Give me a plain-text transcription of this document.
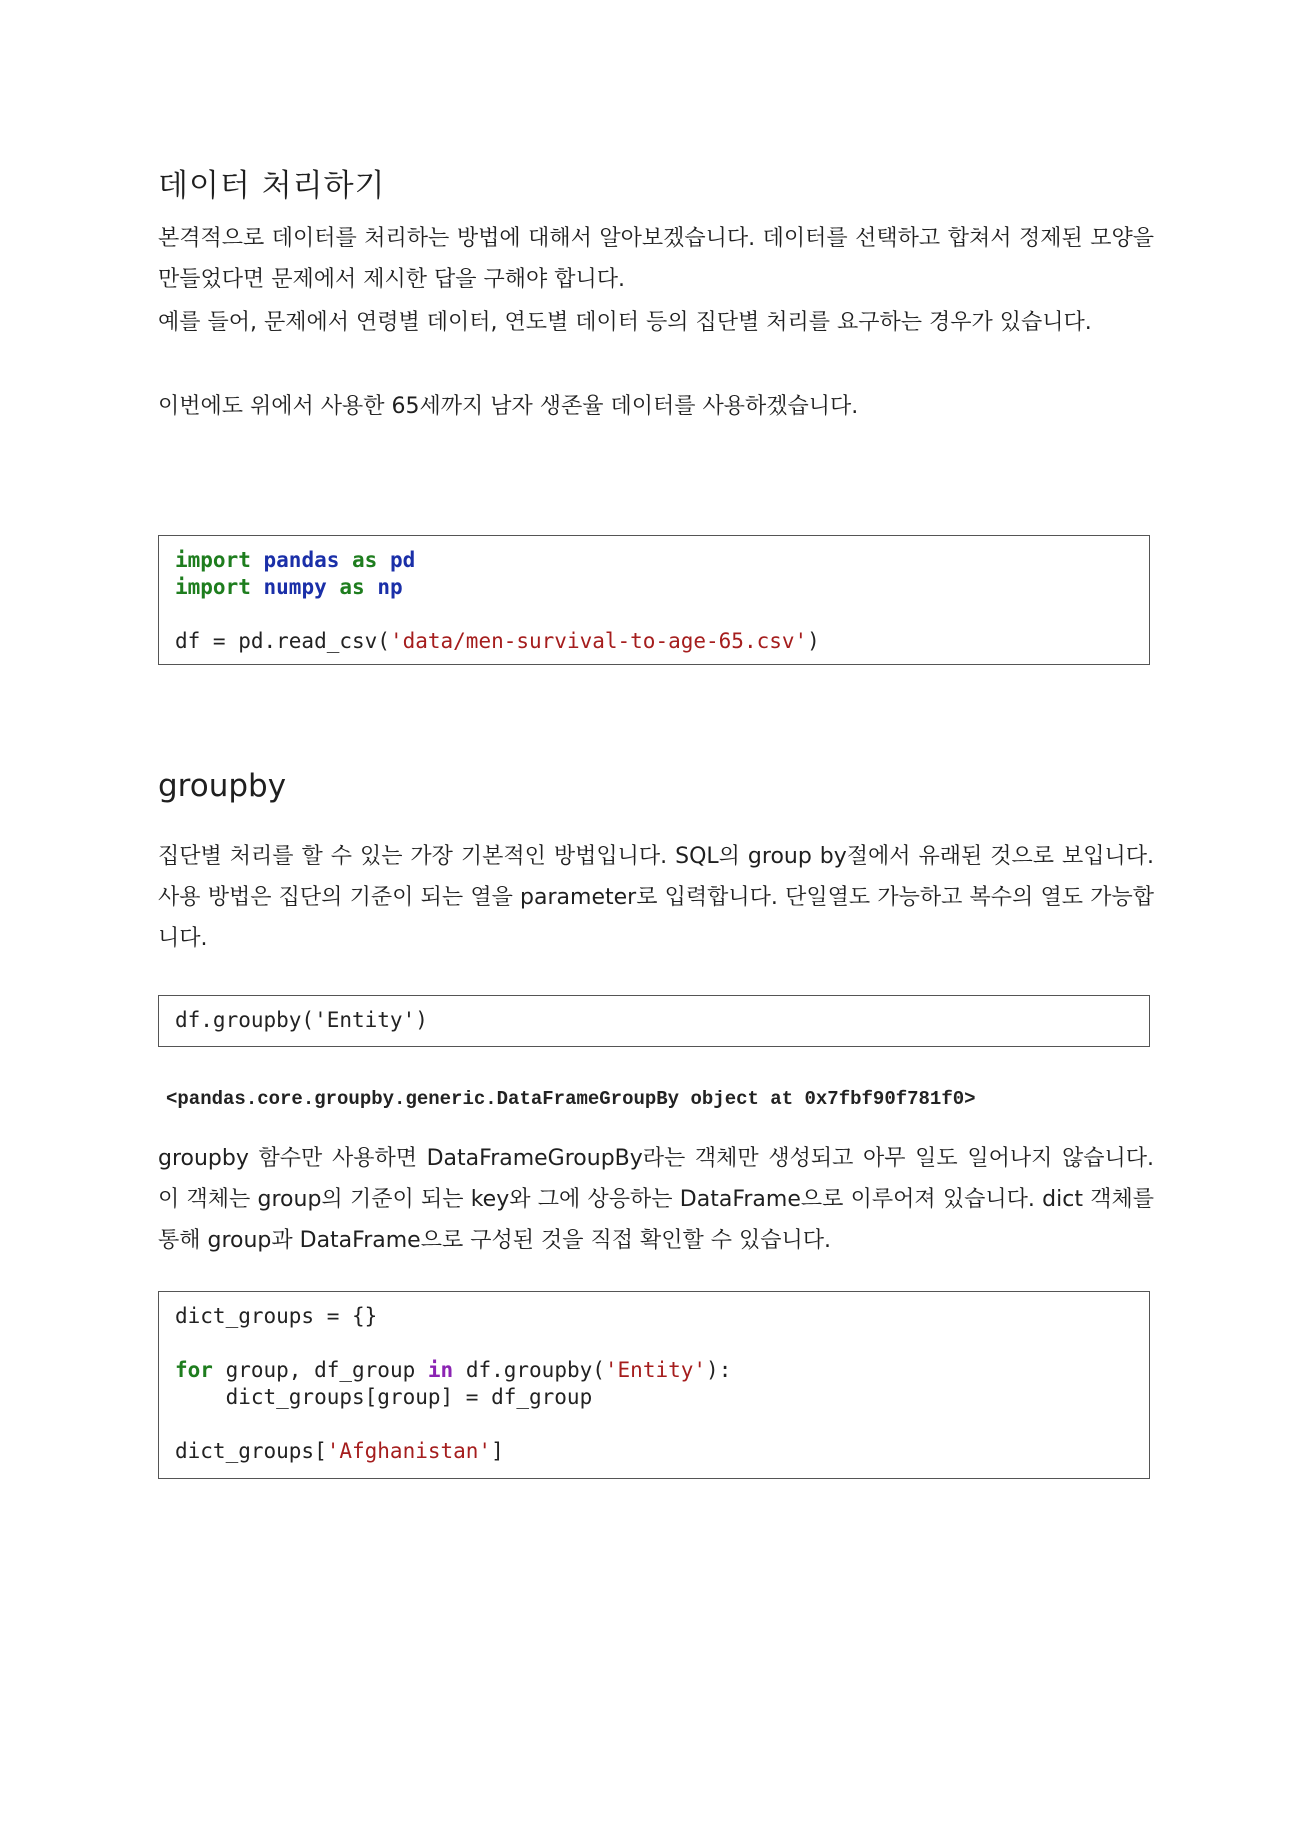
데이터 처리하기

본격적으로 데이터를 처리하는 방법에 대해서 알아보겠습니다. 데이터를 선택하고 합쳐서 정제된 모양을 만들었다면 문제에서 제시한 답을 구해야 합니다.

예를 들어, 문제에서 연령별 데이터, 연도별 데이터 등의 집단별 처리를 요구하는 경우가 있습니다.

이번에도 위에서 사용한 65세까지 남자 생존율 데이터를 사용하겠습니다.

import pandas as pd
import numpy as np
df = pd.read_csv('data/men-survival-to-age-65.csv')
groupby

집단별 처리를 할 수 있는 가장 기본적인 방법입니다. SQL의 group by절에서 유래된 것으로 보입니다. 사용 방법은 집단의 기준이 되는 열을 parameter로 입력합니다. 단일열도 가능하고 복수의 열도 가능합니다.

df.groupby('Entity')
<pandas.core.groupby.generic.DataFrameGroupBy object at 0x7fbf90f781f0>

groupby 함수만 사용하면 DataFrameGroupBy라는 객체만 생성되고 아무 일도 일어나지 않습니다. 이 객체는 group의 기준이 되는 key와 그에 상응하는 DataFrame으로 이루어져 있습니다. dict 객체를 통해 group과 DataFrame으로 구성된 것을 직접 확인할 수 있습니다.

dict_groups = {}
for group, df_group in df.groupby('Entity'):
dict_groups[group] = df_group
dict_groups['Afghanistan']
